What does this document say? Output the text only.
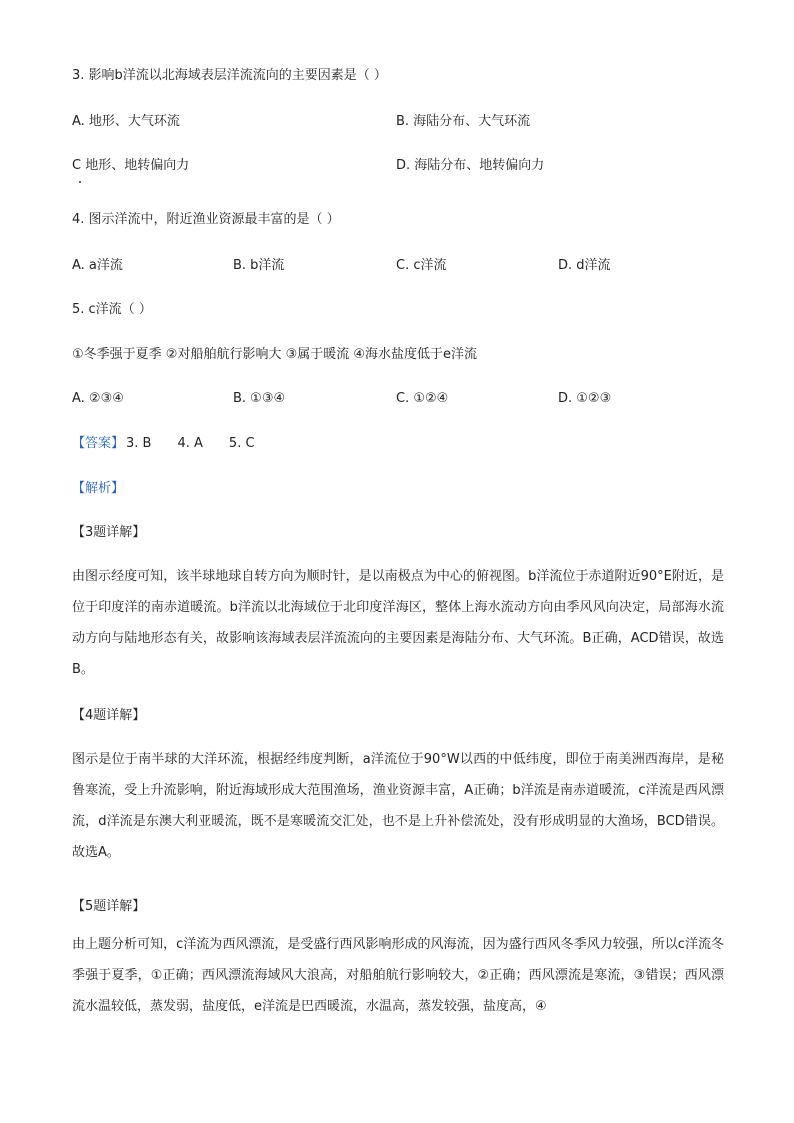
3. 影响b洋流以北海域表层洋流流向的主要因素是（ ）
A. 地形、大气环流	B. 海陆分布、大气环流
C 地形、地转偏向力	D. 海陆分布、地转偏向力
4. 图示洋流中，附近渔业资源最丰富的是（ ）
A. a洋流	B. b洋流	C. c洋流	D. d洋流
5. c洋流（ ）
①冬季强于夏季 ②对船舶航行影响大 ③属于暖流 ④海水盐度低于e洋流
A. ②③④	B. ①③④	C. ①②④	D. ①②③
【答案】 3. B 4. A 5. C
【解析】
【3题详解】
由图示经度可知，该半球地球自转方向为顺时针，是以南极点为中心的俯视图。b洋流位于赤道附近90°E附近，是位于印度洋的南赤道暖流。b洋流以北海域位于北印度洋海区，整体上海水流动方向由季风风向决定，局部海水流动方向与陆地形态有关，故影响该海域表层洋流流向的主要因素是海陆分布、大气环流。B正确，ACD错误，故选B。
【4题详解】
图示是位于南半球的大洋环流，根据经纬度判断，a洋流位于90°W以西的中低纬度，即位于南美洲西海岸，是秘鲁寒流，受上升流影响，附近海域形成大范围渔场，渔业资源丰富，A正确；b洋流是南赤道暖流，c洋流是西风漂流，d洋流是东澳大利亚暖流，既不是寒暖流交汇处，也不是上升补偿流处，没有形成明显的大渔场，BCD错误。故选A。
【5题详解】
由上题分析可知，c洋流为西风漂流，是受盛行西风影响形成的风海流，因为盛行西风冬季风力较强，所以c洋流冬季强于夏季，①正确；西风漂流海域风大浪高，对船舶航行影响较大，②正确；西风漂流是寒流，③错误；西风漂流水温较低，蒸发弱，盐度低，e洋流是巴西暖流，水温高，蒸发较强，盐度高，④
